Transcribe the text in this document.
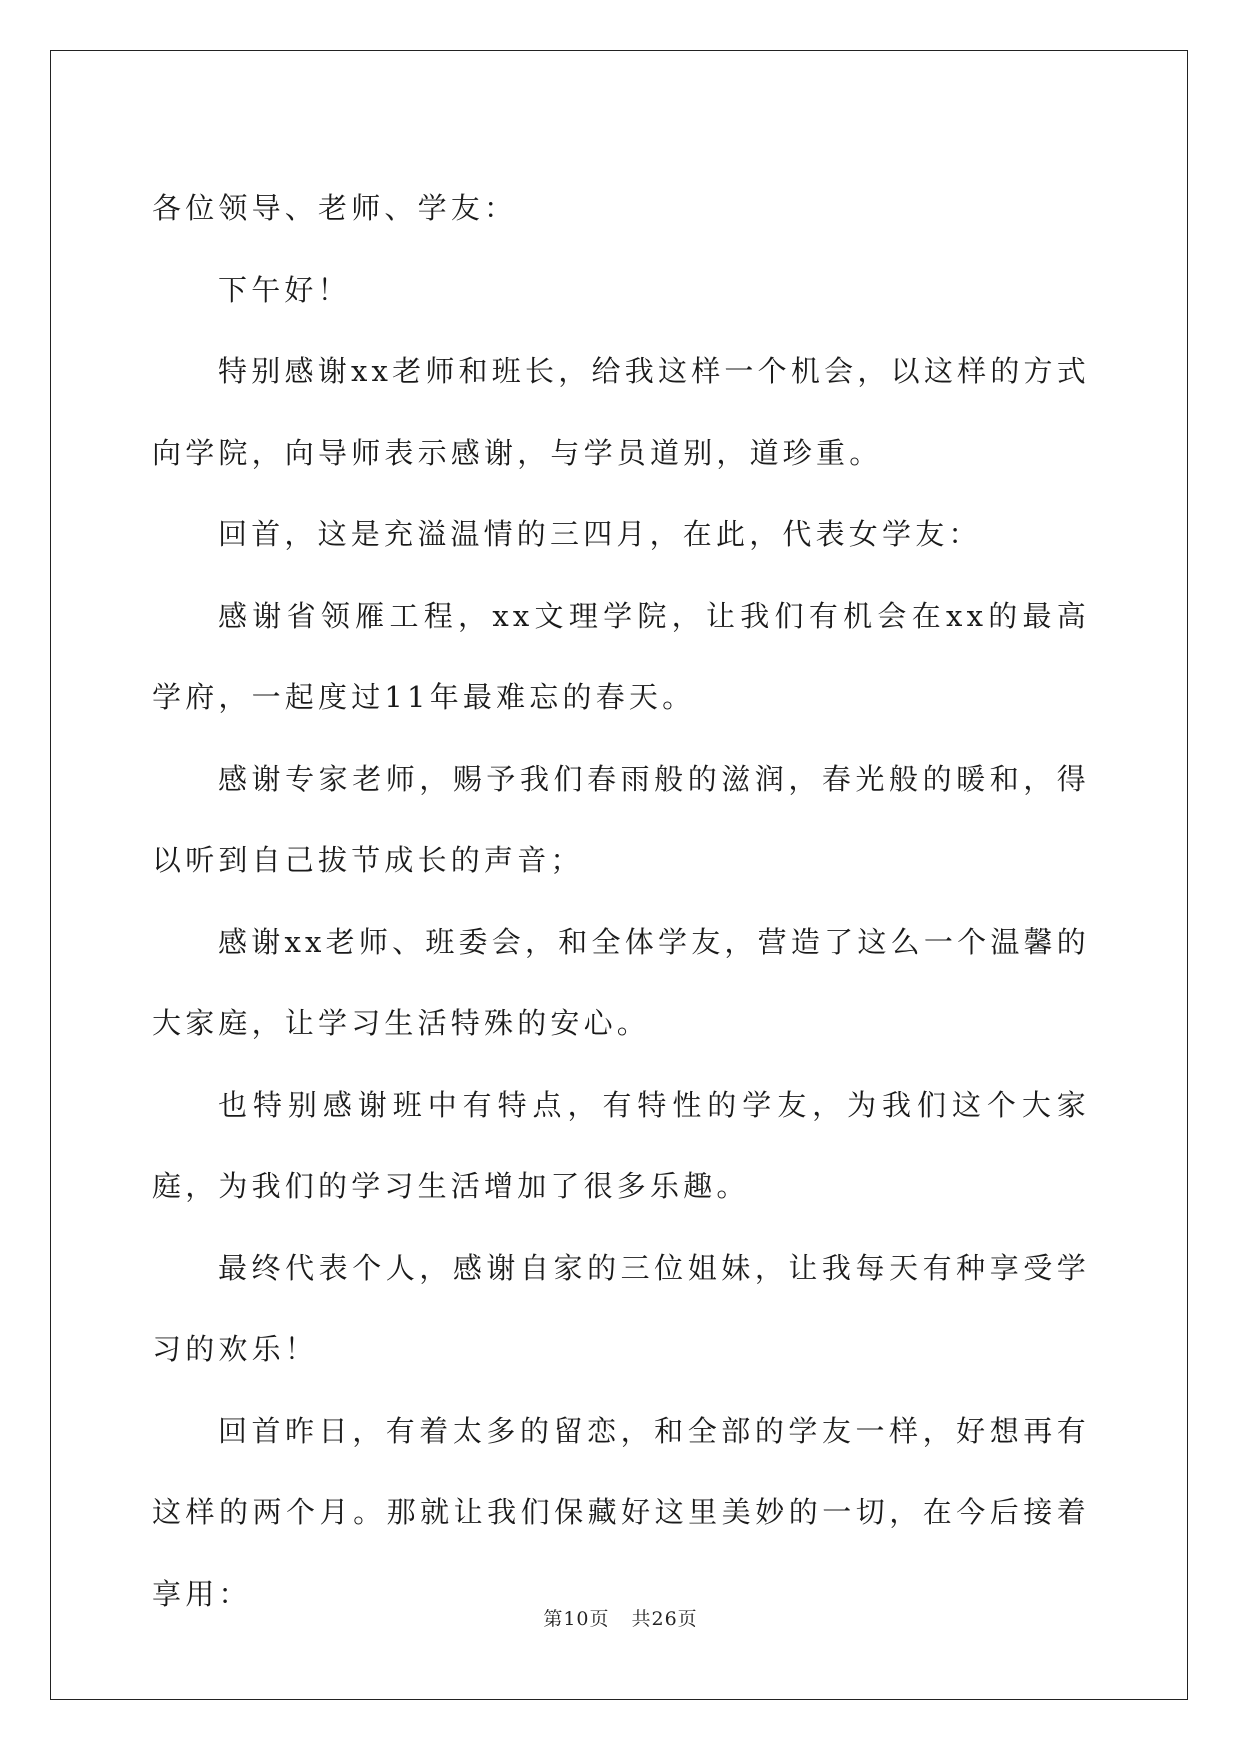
各位领导、老师、学友：

下午好！

特别感谢xx老师和班长，给我这样一个机会，以这样的方式向学院，向导师表示感谢，与学员道别，道珍重。

回首，这是充溢温情的三四月，在此，代表女学友：

感谢省领雁工程，xx文理学院，让我们有机会在xx的最高学府，一起度过11年最难忘的春天。

感谢专家老师，赐予我们春雨般的滋润，春光般的暖和，得以听到自己拔节成长的声音；

感谢xx老师、班委会，和全体学友，营造了这么一个温馨的大家庭，让学习生活特殊的安心。

也特别感谢班中有特点，有特性的学友，为我们这个大家庭，为我们的学习生活增加了很多乐趣。

最终代表个人，感谢自家的三位姐妹，让我每天有种享受学习的欢乐！

回首昨日，有着太多的留恋，和全部的学友一样，好想再有这样的两个月。那就让我们保藏好这里美妙的一切，在今后接着享用：

第10页 共26页
